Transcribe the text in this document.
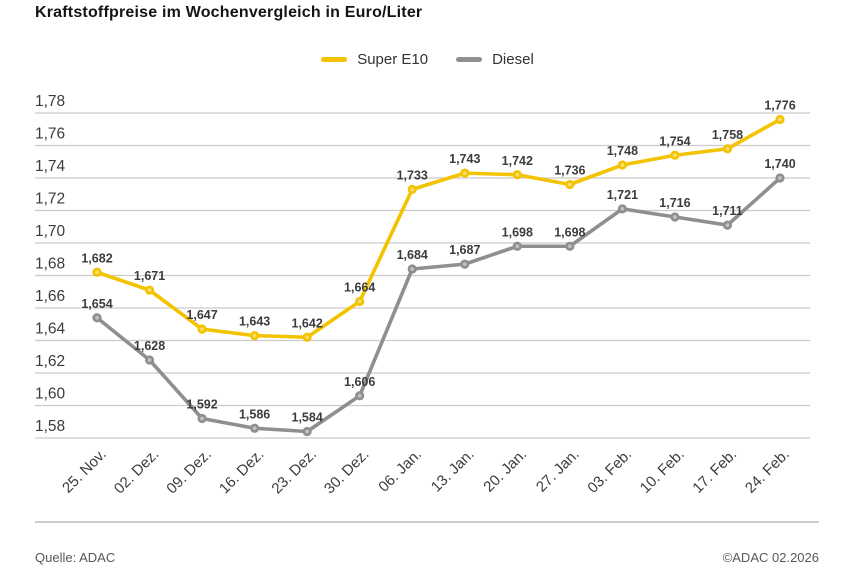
Kraftstoffpreise im Wochenvergleich in Euro/Liter
Super E10	Diesel
1,58
1,60
1,62
1,64
1,66
1,68
1,70
1,72
1,74
1,76
1,78
25. Nov. 02. Dez. 09. Dez. 16. Dez. 23. Dez. 30. Dez. 06. Jan. 13. Jan. 20. Jan. 27. Jan. 03. Feb. 10. Feb. 17. Feb. 24. Feb.
1,654
1,628
1,592
1,586 1,584
1,606
1,684 1,687
1,698 1,698
1,721
1,716
1,711
1,740
1,682
1,671
1,647 1,643 1,642
1,664
1,733
1,743 1,742
1,736
1,748
1,754 1,758
1,776
Quelle: ADAC	©ADAC 02.2026
